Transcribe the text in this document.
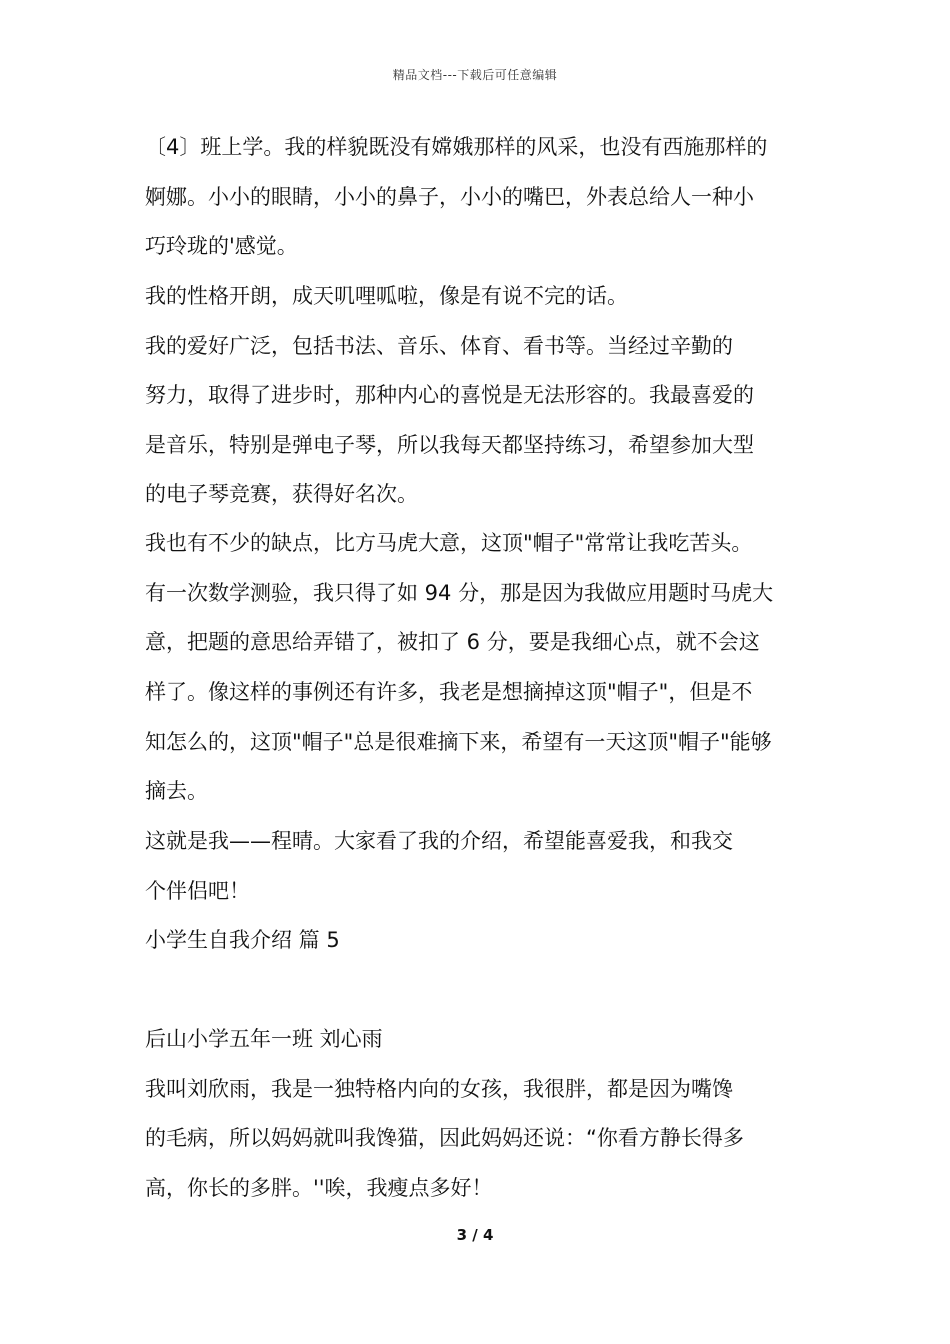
精品文档---下载后可任意编辑
〔4〕班上学。我的样貌既没有嫦娥那样的风采，也没有西施那样的
婀娜。小小的眼睛，小小的鼻子，小小的嘴巴，外表总给人一种小
巧玲珑的'感觉。
我的性格开朗，成天叽哩呱啦，像是有说不完的话。
我的爱好广泛，包括书法、音乐、体育、看书等。当经过辛勤的
努力，取得了进步时，那种内心的喜悦是无法形容的。我最喜爱的
是音乐，特别是弹电子琴，所以我每天都坚持练习，希望参加大型
的电子琴竞赛，获得好名次。
我也有不少的缺点，比方马虎大意，这顶"帽子"常常让我吃苦头。
有一次数学测验，我只得了如 94 分，那是因为我做应用题时马虎大
意，把题的意思给弄错了，被扣了 6 分，要是我细心点，就不会这
样了。像这样的事例还有许多，我老是想摘掉这顶"帽子"，但是不
知怎么的，这顶"帽子"总是很难摘下来，希望有一天这顶"帽子"能够
摘去。
这就是我——程晴。大家看了我的介绍，希望能喜爱我，和我交
个伴侣吧！
小学生自我介绍 篇 5
后山小学五年一班 刘心雨
我叫刘欣雨，我是一独特格内向的女孩，我很胖，都是因为嘴馋
的毛病，所以妈妈就叫我馋猫，因此妈妈还说：“你看方静长得多
高，你长的多胖。''唉，我瘦点多好！
3 / 4
